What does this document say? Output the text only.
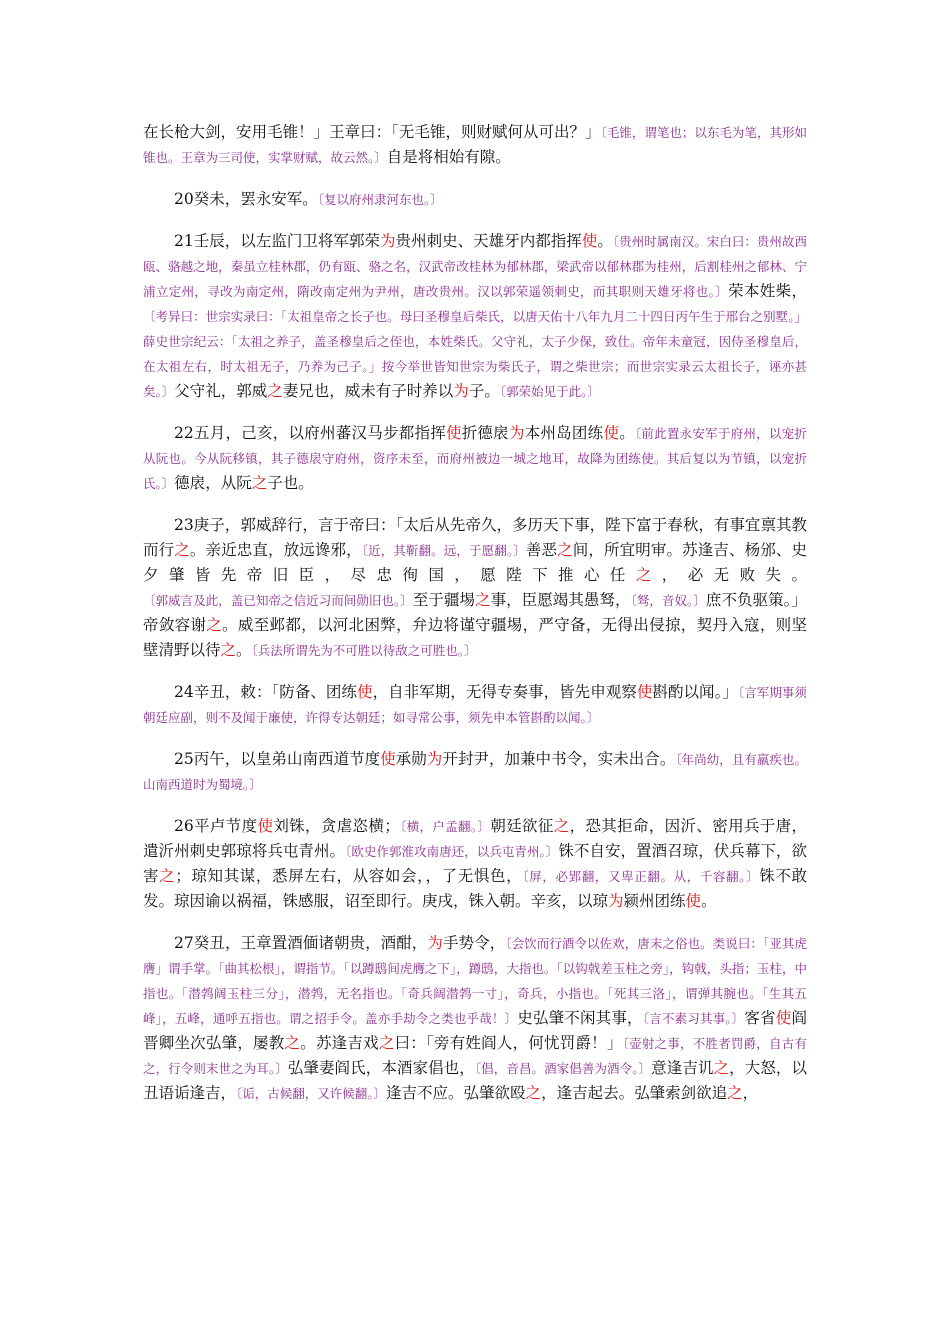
在长枪大剑，安用毛锥！」王章曰：「无毛锥，则财赋何从可出？」〔毛锥，谓笔也；以东毛为笔，其形如锥也。王章为三司使，实掌财赋，故云然。〕自是将相始有隙。

20癸未，罢永安军。〔复以府州隶河东也。〕

21壬辰，以左监门卫将军郭荣为贵州刺史、天雄牙内都指挥使。〔贵州时属南汉。宋白曰：贵州故西瓯、骆越之地，秦虽立桂林郡，仍有瓯、骆之名，汉武帝改桂林为郁林郡，梁武帝以郁林郡为桂州，后割桂州之郁林、宁浦立定州，寻改为南定州，隋改南定州为尹州，唐改贵州。汉以郭荣遥领刺史，而其职则天雄牙将也。〕荣本姓柴，〔考异曰：世宗实录曰：「太祖皇帝之长子也。母曰圣穆皇后柴氏，以唐天佑十八年九月二十四日丙午生于邢台之别墅。」薛史世宗纪云：「太祖之养子，盖圣穆皇后之侄也，本姓柴氏。父守礼，太子少保，致仕。帝年未童冠，因侍圣穆皇后，在太祖左右，时太祖无子，乃养为己子。」按今举世皆知世宗为柴氏子，谓之柴世宗；而世宗实录云太祖长子，诬亦甚矣。〕父守礼，郭威之妻兄也，威未有子时养以为子。〔郭荣始见于此。〕

22五月，己亥，以府州蕃汉马步都指挥使折德扆为本州岛团练使。〔前此置永安军于府州，以宠折从阮也。今从阮移镇，其子德扆守府州，资序未至，而府州被边一城之地耳，故降为团练使。其后复以为节镇，以宠折氏。〕德扆，从阮之子也。

23庚子，郭威辞行，言于帝曰：「太后从先帝久，多历天下事，陛下富于春秋，有事宜禀其教而行之。亲近忠直，放远谗邪，〔近，其靳翻。远，于愿翻。〕善恶之间，所宜明审。苏逢吉、杨邠、史夕肇皆先帝旧臣，尽忠徇国，愿陛下推心任之，必无败失。〔郭威言及此，盖已知帝之信近习而间勋旧也。〕至于疆埸之事，臣愿竭其愚驽，〔驽，音奴。〕庶不负驱策。」帝敛容谢之。威至邺都，以河北困弊，弁边将谨守疆埸，严守备，无得出侵掠，契丹入寇，则坚壁清野以待之。〔兵法所谓先为不可胜以待敌之可胜也。〕

24辛丑，敕：「防备、团练使，自非军期，无得专奏事，皆先申观察使斟酌以闻。」〔言军期事须朝廷应副，则不及闻于廉使，许得专达朝廷；如寻常公事，须先申本管斟酌以闻。〕

25丙午，以皇弟山南西道节度使承勋为开封尹，加兼中书令，实未出合。〔年尚幼，且有羸疾也。山南西道时为蜀境。〕

26平卢节度使刘铢，贪虐恣横；〔横，户孟翻。〕朝廷欲征之，恐其拒命，因沂、密用兵于唐，遣沂州刺史郭琼将兵屯青州。〔欧史作郭淮攻南唐还，以兵屯青州。〕铢不自安，置酒召琼，伏兵幕下，欲害之；琼知其谋，悉屏左右，从容如会，，了无惧色，〔屏，必郢翻，又卑正翻。从，千容翻。〕铢不敢发。琼因谕以祸福，铢感服，诏至即行。庚戌，铢入朝。辛亥，以琼为颍州团练使。

27癸丑，王章置酒偭诸朝贵，酒酣，为手势令，〔会饮而行酒令以佐欢，唐末之俗也。类说曰：「亚其虎膺」谓手掌。「曲其松根」，谓指节。「以蹲鸱间虎膺之下」，蹲鸱，大指也。「以钩戟差玉柱之旁」，钩戟，头指；玉柱，中指也。「潜鹁阔玉柱三分」，潜鹁，无名指也。「奇兵阔潜鹁一寸」，奇兵，小指也。「死其三洛」，谓弹其腕也。「生其五峰」，五峰，通呼五指也。谓之招手令。盖亦手劫令之类也乎哉！〕史弘肇不闲其事，〔言不素习其事。〕客省使阎晋卿坐次弘肇，屡教之。苏逢吉戏之曰：「旁有姓阎人，何忧罚爵！」〔壶射之事，不胜者罚爵，自古有之，行令则末世之为耳。〕弘肇妻阎氏，本酒家倡也，〔倡，音昌。酒家倡善为酒令。〕意逢吉讥之，大怒，以丑语诟逢吉，〔诟，古候翻，又许候翻。〕逢吉不应。弘肇欲殴之，逢吉起去。弘肇索剑欲追之，
